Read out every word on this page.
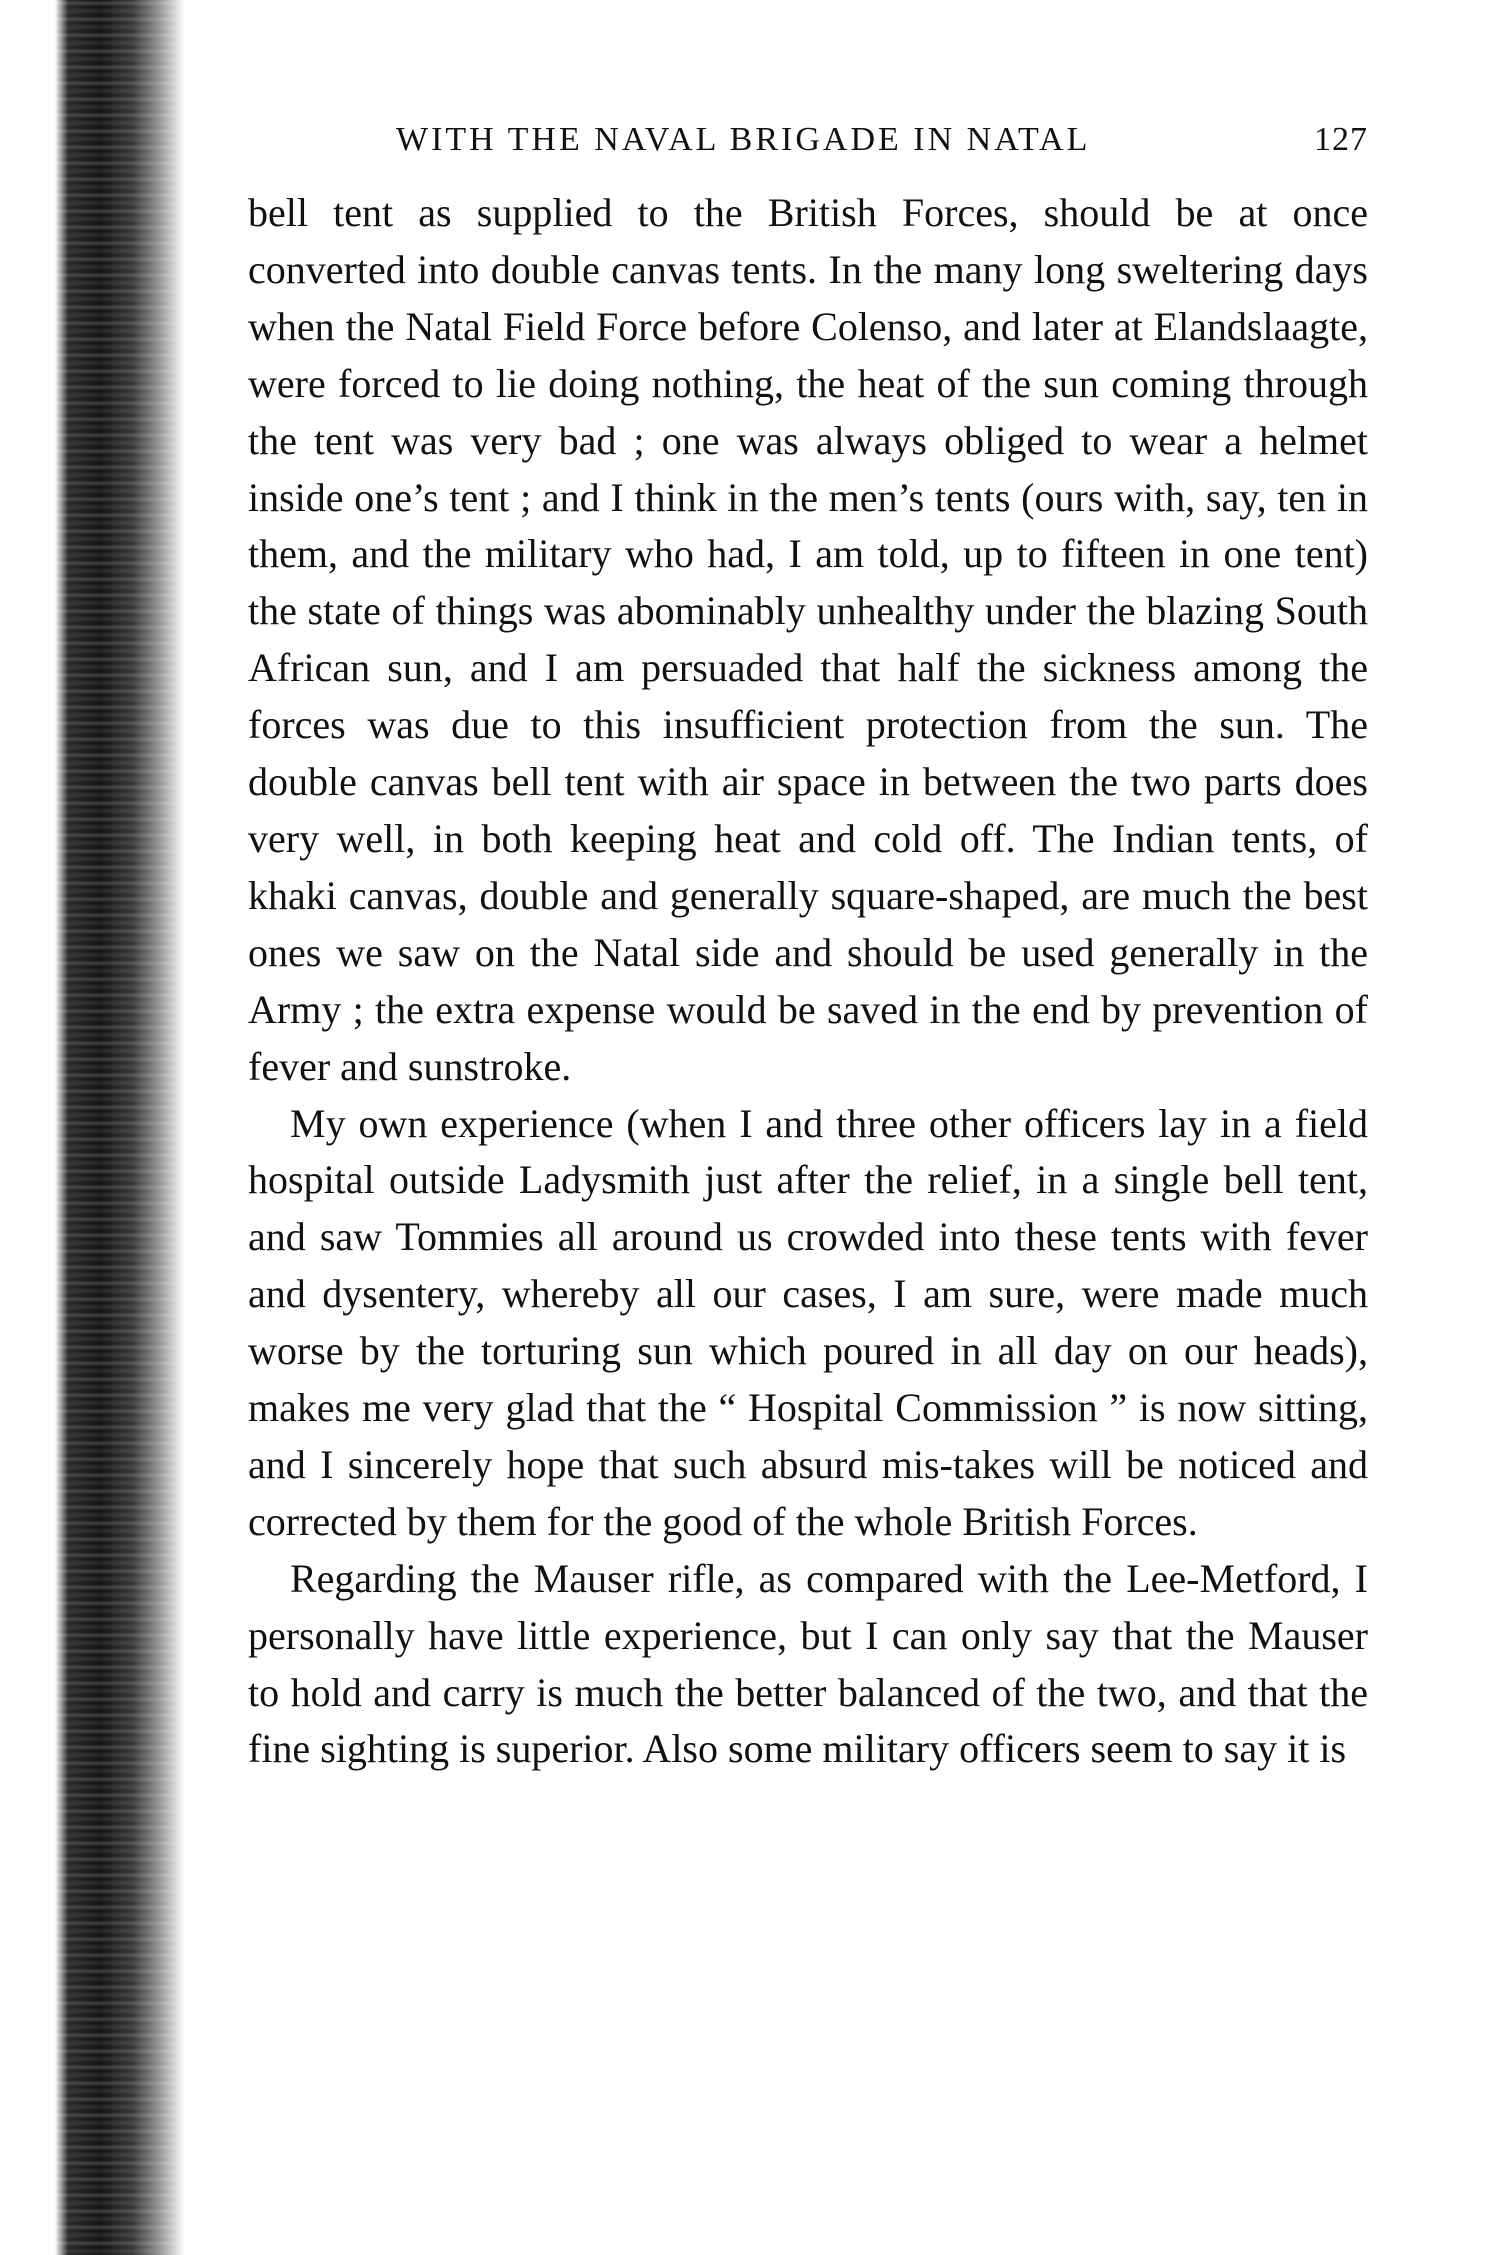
WITH THE NAVAL BRIGADE IN NATAL	127

bell tent as supplied to the British Forces, should be at once converted into double canvas tents. In the many long sweltering days when the Natal Field Force before Colenso, and later at Elandslaagte, were forced to lie doing nothing, the heat of the sun coming through the tent was very bad ; one was always obliged to wear a helmet inside one’s tent ; and I think in the men’s tents (ours with, say, ten in them, and the military who had, I am told, up to fifteen in one tent) the state of things was abominably unhealthy under the blazing South African sun, and I am persuaded that half the sickness among the forces was due to this insufficient protection from the sun. The double canvas bell tent with air space in between the two parts does very well, in both keeping heat and cold off. The Indian tents, of khaki canvas, double and generally square-shaped, are much the best ones we saw on the Natal side and should be used generally in the Army ; the extra expense would be saved in the end by prevention of fever and sunstroke.

My own experience (when I and three other officers lay in a field hospital outside Ladysmith just after the relief, in a single bell tent, and saw Tommies all around us crowded into these tents with fever and dysentery, whereby all our cases, I am sure, were made much worse by the torturing sun which poured in all day on our heads), makes me very glad that the “ Hospital Commission ” is now sitting, and I sincerely hope that such absurd mis-takes will be noticed and corrected by them for the good of the whole British Forces.

Regarding the Mauser rifle, as compared with the Lee-Metford, I personally have little experience, but I can only say that the Mauser to hold and carry is much the better balanced of the two, and that the fine sighting is superior. Also some military officers seem to say it is
